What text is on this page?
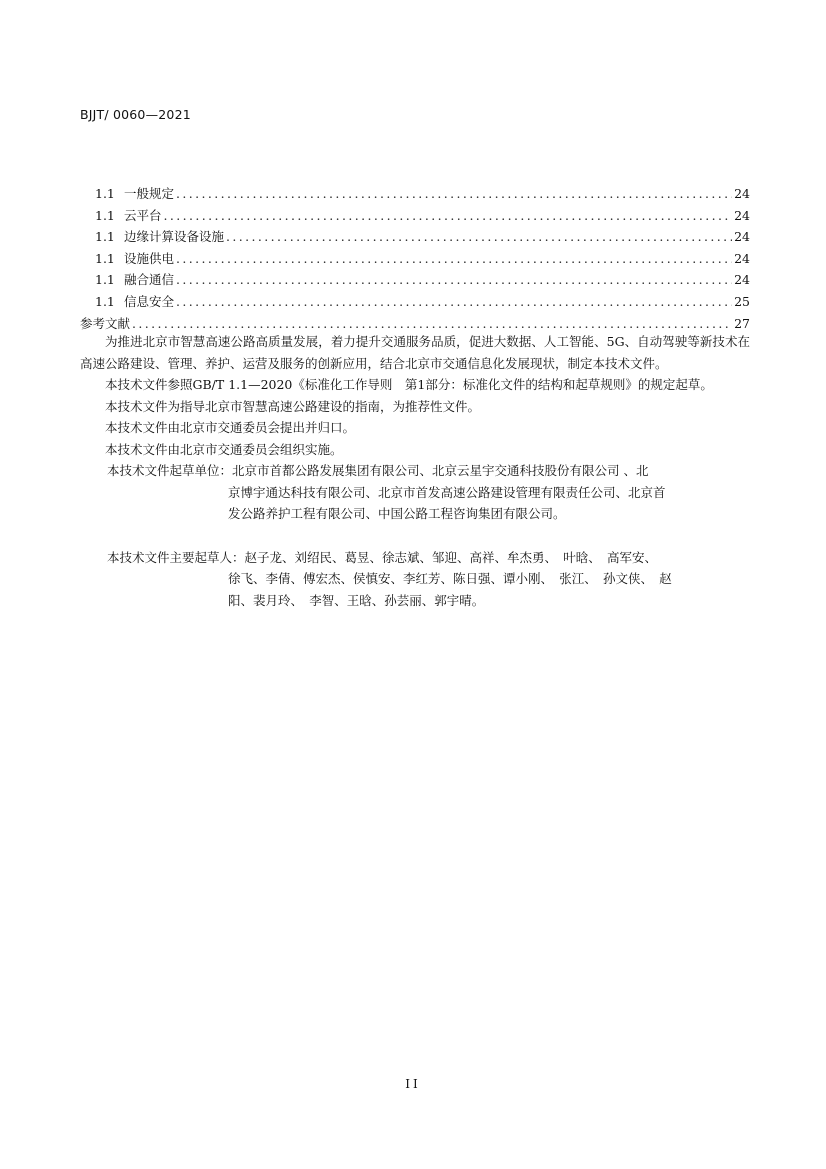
BJJT/ 0060—2021
1.1 一般规定 .....	24
1.1 云平台 .....	24
1.1 边缘计算设备设施 .....	24
1.1 设施供电 .....	24
1.1 融合通信 .....	24
1.1 信息安全 .....	25
参考文献 .....	27

为推进北京市智慧高速公路高质量发展，着力提升交通服务品质，促进大数据、人工智能、5G、自动驾驶等新技术在高速公路建设、管理、养护、运营及服务的创新应用，结合北京市交通信息化发展现状，制定本技术文件。

本技术文件参照GB/T 1.1—2020《标准化工作导则　第1部分：标准化文件的结构和起草规则》的规定起草。

本技术文件为指导北京市智慧高速公路建设的指南，为推荐性文件。

本技术文件由北京市交通委员会提出并归口。

本技术文件由北京市交通委员会组织实施。

本技术文件起草单位： 北京市首都公路发展集团有限公司、北京云星宇交通科技股份有限公司 、北

京博宇通达科技有限公司、北京市首发高速公路建设管理有限责任公司、北京首

发公路养护工程有限公司、中国公路工程咨询集团有限公司。

本技术文件主要起草人： 赵子龙、刘绍民、葛昱、徐志斌、邹迎、高祥、牟杰勇、　叶晗、　高军安、

徐飞、李倩、傅宏杰、侯慎安、李红芳、陈日强、谭小刚、　张江、　孙文侠、　赵

阳、裴月玲、　李智、王晗、孙芸丽、郭宇晴。

II
